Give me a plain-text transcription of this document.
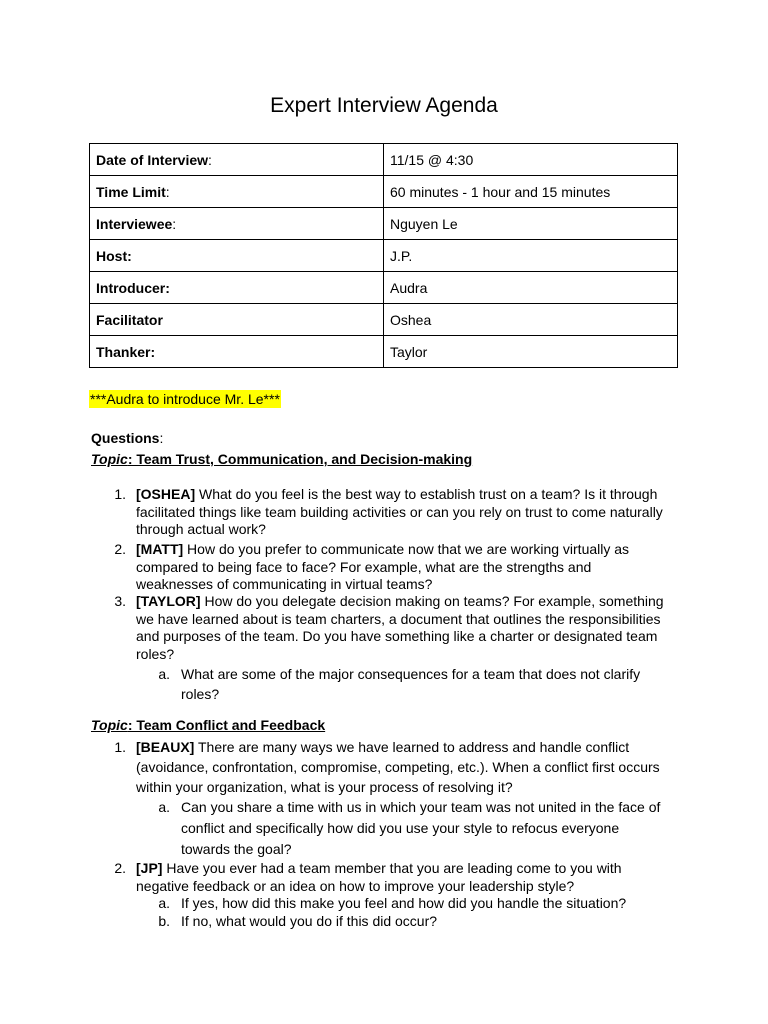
Expert Interview Agenda
Date of Interview:	11/15 @ 4:30
Time Limit:	60 minutes - 1 hour and 15 minutes
Interviewee:	Nguyen Le
Host:	J.P.
Introducer:	Audra
Facilitator	Oshea
Thanker:	Taylor
***Audra to introduce Mr. Le***
Questions:
Topic: Team Trust, Communication, and Decision-making
1. [OSHEA] What do you feel is the best way to establish trust on a team? Is it through facilitated things like team building activities or can you rely on trust to come naturally through actual work?
2. [MATT] How do you prefer to communicate now that we are working virtually as compared to being face to face? For example, what are the strengths and weaknesses of communicating in virtual teams?
3. [TAYLOR] How do you delegate decision making on teams? For example, something we have learned about is team charters, a document that outlines the responsibilities and purposes of the team. Do you have something like a charter or designated team roles?
a. What are some of the major consequences for a team that does not clarify roles?
Topic: Team Conflict and Feedback
1. [BEAUX] There are many ways we have learned to address and handle conflict (avoidance, confrontation, compromise, competing, etc.). When a conflict first occurs within your organization, what is your process of resolving it?
a. Can you share a time with us in which your team was not united in the face of conflict and specifically how did you use your style to refocus everyone towards the goal?
2. [JP] Have you ever had a team member that you are leading come to you with negative feedback or an idea on how to improve your leadership style?
a. If yes, how did this make you feel and how did you handle the situation?
b. If no, what would you do if this did occur?
